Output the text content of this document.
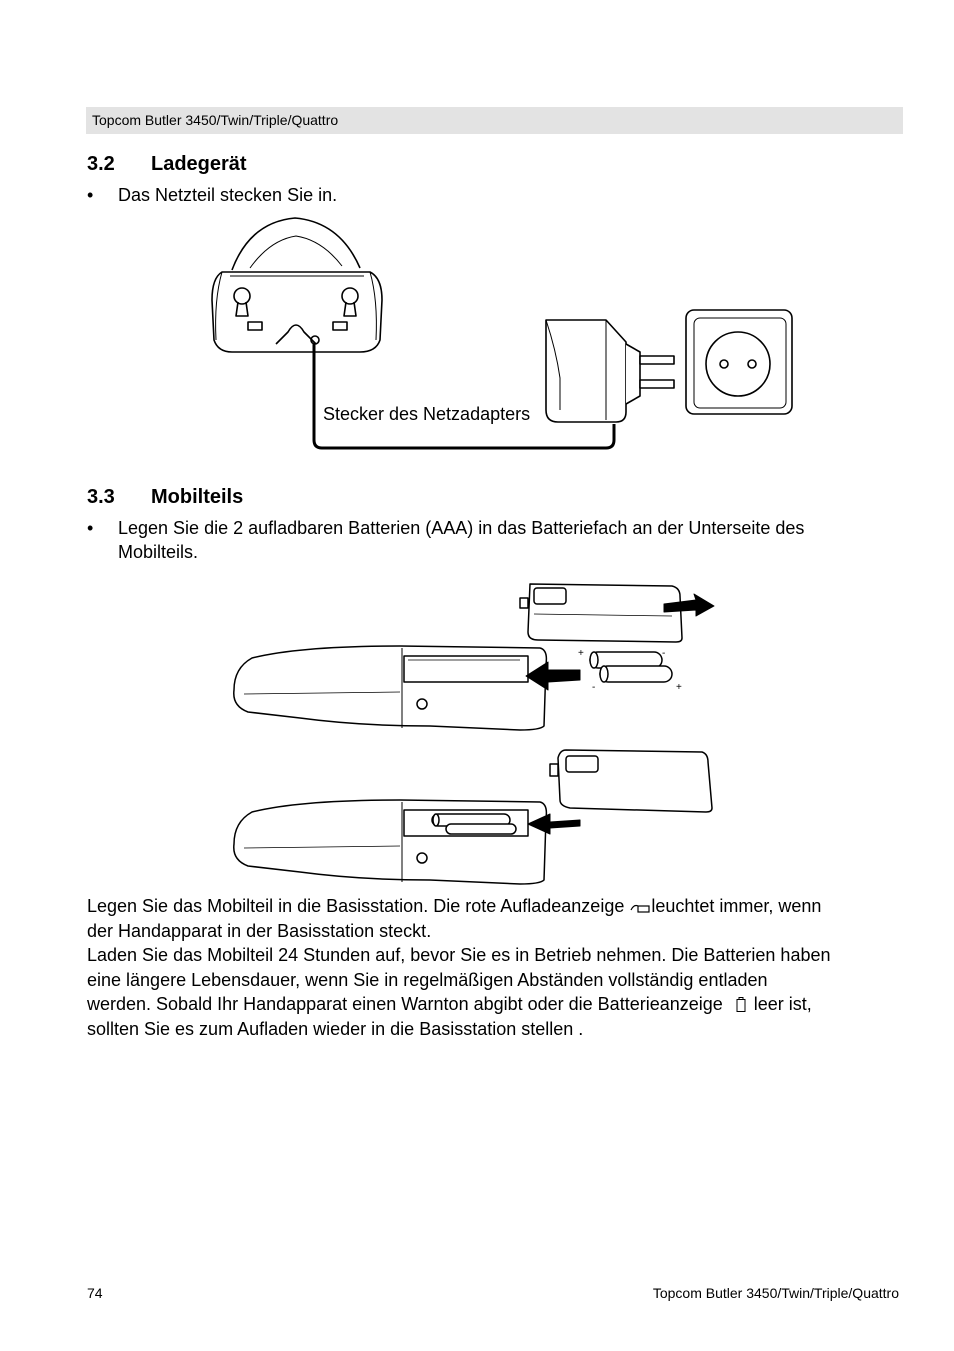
Topcom Butler 3450/Twin/Triple/Quattro
3.2 Ladegerät
• Das Netzteil stecken Sie in.
Stecker des Netzadapters
3.3 Mobilteils
• Legen Sie die 2 aufladbaren Batterien (AAA) in das Batteriefach an der Unterseite des
Mobilteils.
+	-
-	+

Legen Sie das Mobilteil in die Basisstation. Die rote Aufladeanzeige leuchtet immer, wenn

der Handapparat in der Basisstation steckt.

Laden Sie das Mobilteil 24 Stunden auf, bevor Sie es in Betrieb nehmen. Die Batterien haben

eine längere Lebensdauer, wenn Sie in regelmäßigen Abständen vollständig entladen

werden. Sobald Ihr Handapparat einen Warnton abgibt oder die Batterieanzeige leer ist,

sollten Sie es zum Aufladen wieder in die Basisstation stellen .

74	Topcom Butler 3450/Twin/Triple/Quattro
